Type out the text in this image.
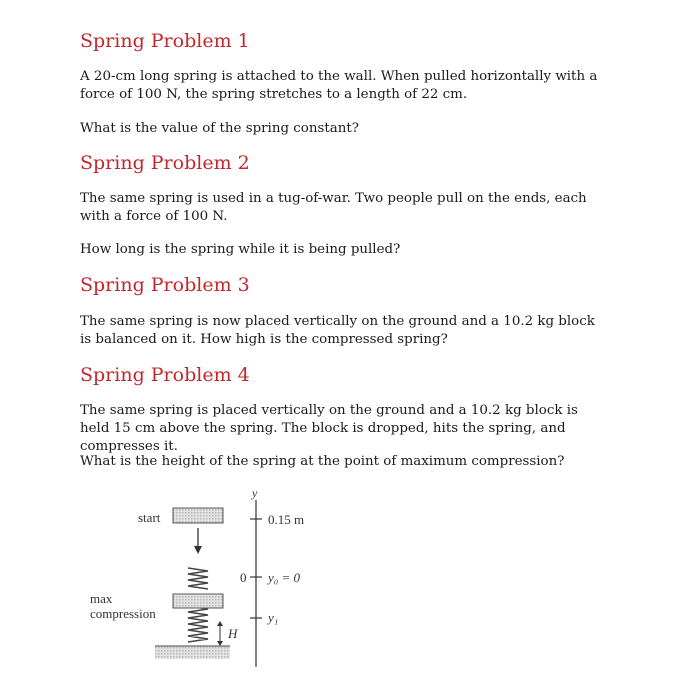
Spring Problem 1

A 20-cm long spring is attached to the wall. When pulled horizontally with a force of 100 N, the spring stretches to a length of 22 cm.

What is the value of the spring constant?

Spring Problem 2

The same spring is used in a tug-of-war. Two people pull on the ends, each with a force of 100 N.

How long is the spring while it is being pulled?

Spring Problem 3

The same spring is now placed vertically on the ground and a 10.2 kg block is balanced on it. How high is the compressed spring?

Spring Problem 4

The same spring is placed vertically on the ground and a 10.2 kg block is held 15 cm above the spring. The block is dropped, hits the spring, and compresses it.

What is the height of the spring at the point of maximum compression?

start
max
compression
H
y
0.15 m
0 y₀ = 0
y₁
